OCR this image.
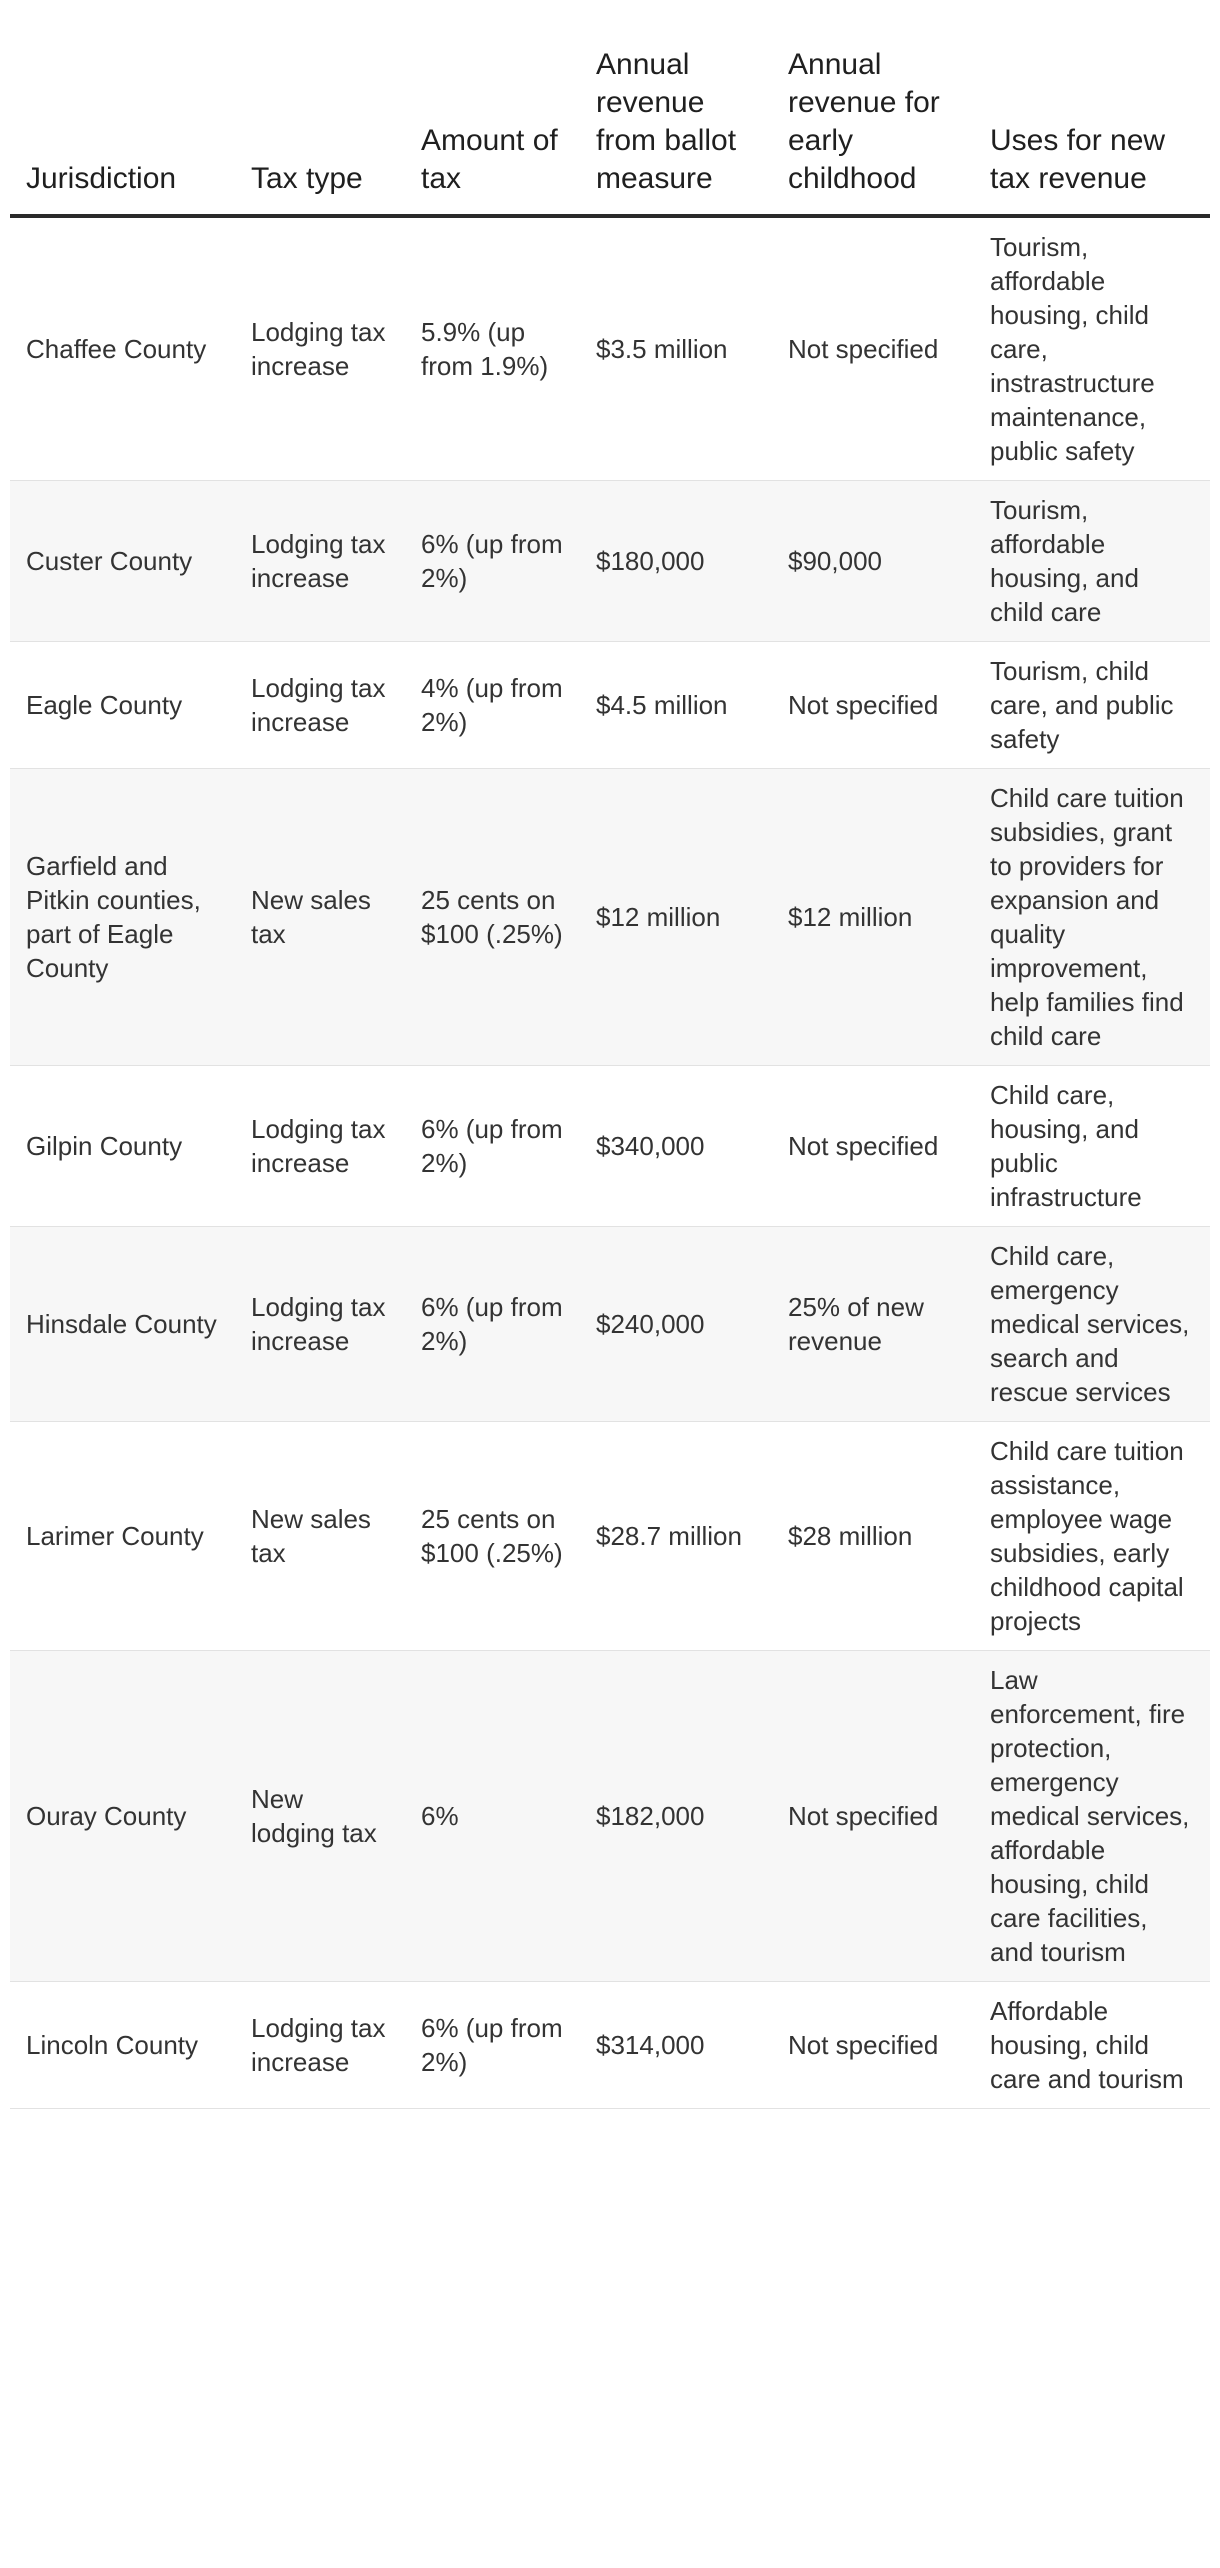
Jurisdiction	Tax type	Amount of tax	Annual revenue from ballot measure	Annual revenue for early childhood	Uses for new tax revenue
Chaffee County	Lodging tax increase	5.9% (up from 1.9%)	$3.5 million	Not specified	Tourism, affordable housing, child care, instrastructure maintenance, public safety
Custer County	Lodging tax increase	6% (up from 2%)	$180,000	$90,000	Tourism, affordable housing, and child care
Eagle County	Lodging tax increase	4% (up from 2%)	$4.5 million	Not specified	Tourism, child care, and public safety
Garfield and Pitkin counties, part of Eagle County	New sales tax	25 cents on $100 (.25%)	$12 million	$12 million	Child care tuition subsidies, grant to providers for expansion and quality improvement, help families find child care
Gilpin County	Lodging tax increase	6% (up from 2%)	$340,000	Not specified	Child care, housing, and public infrastructure
Hinsdale County	Lodging tax increase	6% (up from 2%)	$240,000	25% of new revenue	Child care, emergency medical services, search and rescue services
Larimer County	New sales tax	25 cents on $100 (.25%)	$28.7 million	$28 million	Child care tuition assistance, employee wage subsidies, early childhood capital projects
Ouray County	New lodging tax	6%	$182,000	Not specified	Law enforcement, fire protection, emergency medical services, affordable housing, child care facilities, and tourism
Lincoln County	Lodging tax increase	6% (up from 2%)	$314,000	Not specified	Affordable housing, child care and tourism
